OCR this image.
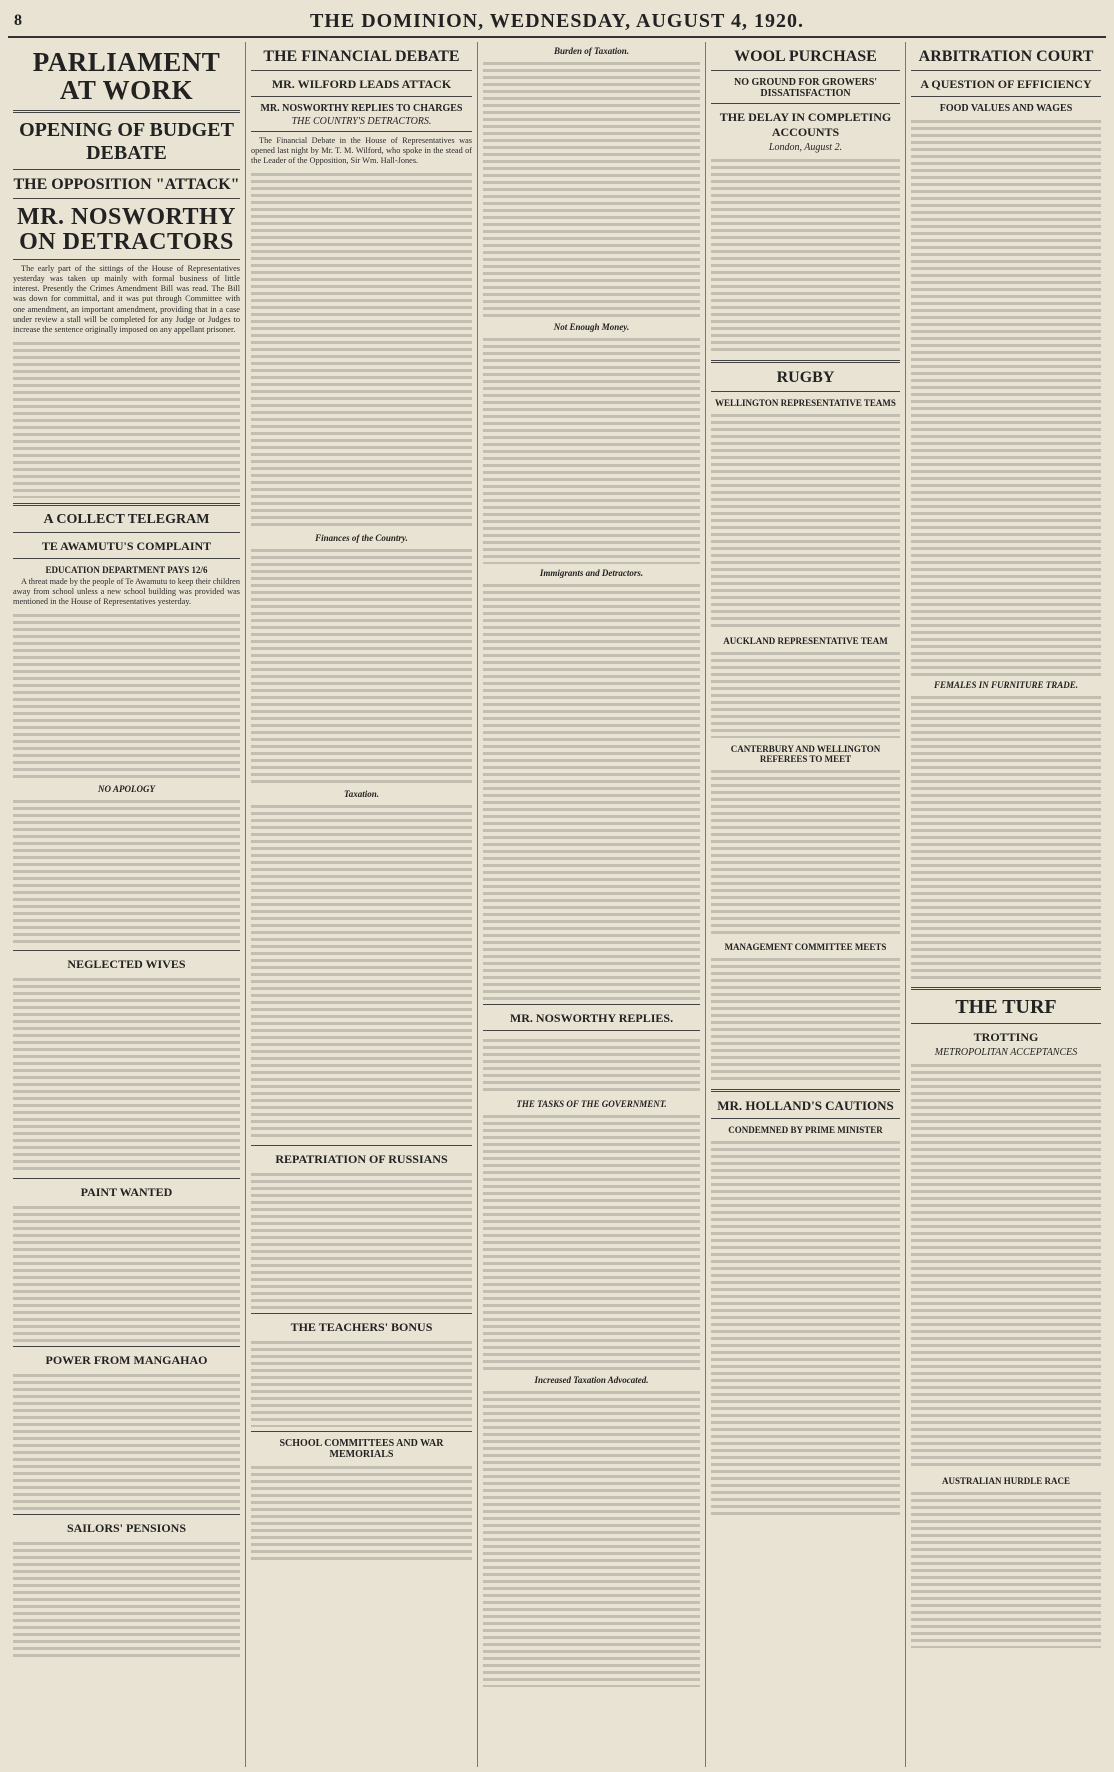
8	THE DOMINION, WEDNESDAY, AUGUST 4, 1920.
PARLIAMENT AT WORK
OPENING OF BUDGET DEBATE
THE OPPOSITION "ATTACK"
MR. NOSWORTHY ON DETRACTORS

The early part of the sittings of the House of Representatives yesterday was taken up mainly with formal business of little interest. Presently the Crimes Amendment Bill was read. The Bill was down for committal, and it was put through Committee with one amendment, an important amendment, providing that in a case under review a stall will be completed for any Judge or Judges to increase the sentence originally imposed on any appellant prisoner.

A COLLECT TELEGRAM
TE AWAMUTU'S COMPLAINT
EDUCATION DEPARTMENT PAYS 12/6

A threat made by the people of Te Awamutu to keep their children away from school unless a new school building was provided was mentioned in the House of Representatives yesterday.

NO APOLOGY
NEGLECTED WIVES
PAINT WANTED
POWER FROM MANGAHAO
SAILORS' PENSIONS
THE FINANCIAL DEBATE
MR. WILFORD LEADS ATTACK
MR. NOSWORTHY REPLIES TO CHARGES
THE COUNTRY'S DETRACTORS.

The Financial Debate in the House of Representatives was opened last night by Mr. T. M. Wilford, who spoke in the stead of the Leader of the Opposition, Sir Wm. Hall-Jones.

Finances of the Country.
Taxation.
REPATRIATION OF RUSSIANS
THE TEACHERS' BONUS
SCHOOL COMMITTEES AND WAR MEMORIALS
Burden of Taxation.
Not Enough Money.
Immigrants and Detractors.
MR. NOSWORTHY REPLIES.
THE TASKS OF THE GOVERNMENT.
Increased Taxation Advocated.
WOOL PURCHASE
NO GROUND FOR GROWERS' DISSATISFACTION
THE DELAY IN COMPLETING ACCOUNTS
London, August 2.
RUGBY
WELLINGTON REPRESENTATIVE TEAMS
AUCKLAND REPRESENTATIVE TEAM
CANTERBURY AND WELLINGTON REFEREES TO MEET
MANAGEMENT COMMITTEE MEETS
MR. HOLLAND'S CAUTIONS
CONDEMNED BY PRIME MINISTER
ARBITRATION COURT
A QUESTION OF EFFICIENCY
FOOD VALUES AND WAGES
FEMALES IN FURNITURE TRADE.
THE TURF
TROTTING
METROPOLITAN ACCEPTANCES
AUSTRALIAN HURDLE RACE
